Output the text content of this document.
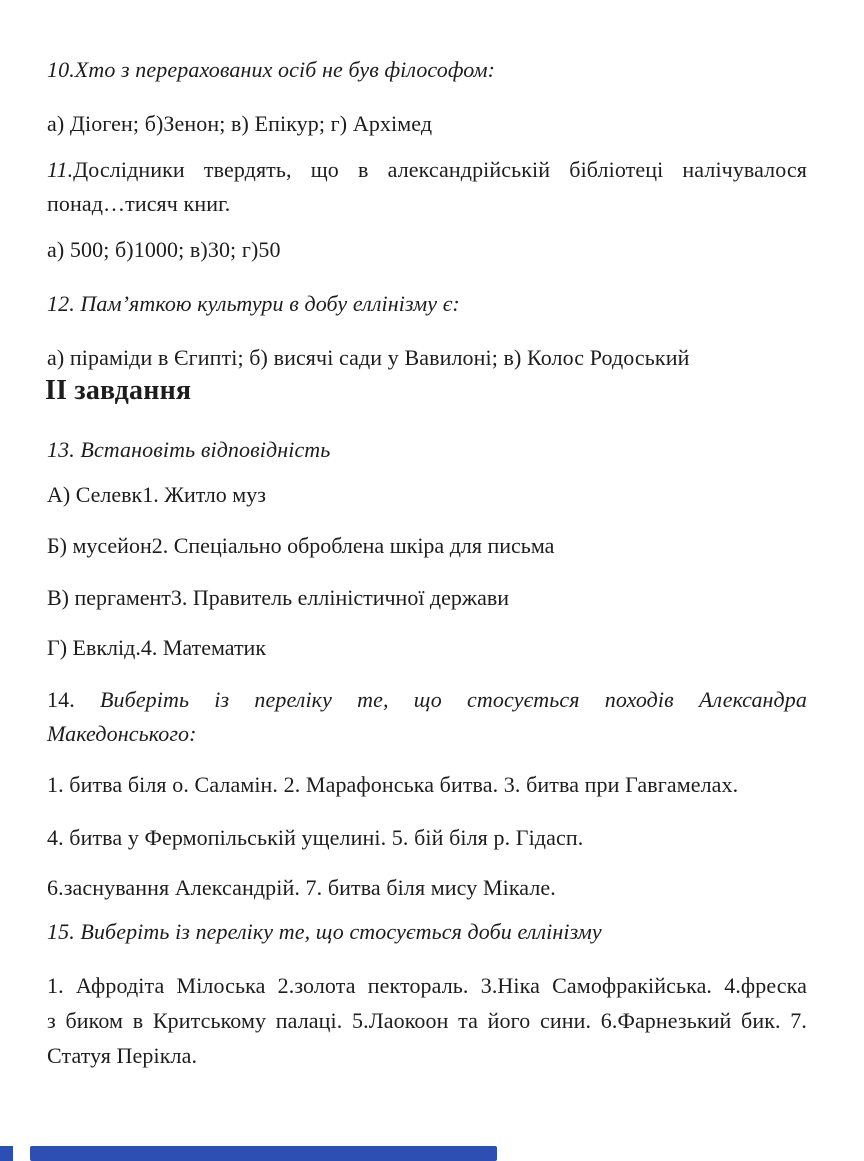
10.Хто з перерахованих осіб не був філософом:
а) Діоген; б)Зенон; в) Епікур; г) Архімед
11.Дослідники твердять, що в александрійській бібліотеці налічувалося
понад…тисяч книг.
а) 500; б)1000; в)30; г)50
12. Пам’яткою культури в добу еллінізму є:
а) піраміди в Єгипті; б) висячі сади у Вавилоні; в) Колос Родоський
ІІ завдання
13. Встановіть відповідність
А) Селевк 1. Житло муз
Б) мусейон 2. Спеціально оброблена шкіра для письма
В) пергамент 3. Правитель елліністичної держави
Г) Евклід. 4. Математик
14. Виберіть із переліку те, що стосується походів Александра
Македонського:
1. битва біля о. Саламін. 2. Марафонська битва. 3. битва при Гавгамелах.
4. битва у Фермопільській ущелині. 5. бій біля р. Гідасп.
6.заснування Александрій. 7. битва біля мису Мікале.
15. Виберіть із переліку те, що стосується доби еллінізму
1. Афродіта Мілоська 2.золота пектораль. 3.Ніка Самофракійська. 4.фреска
з биком в Критському палаці. 5.Лаокоон та його сини. 6.Фарнезький бик. 7.
Статуя Перікла.
